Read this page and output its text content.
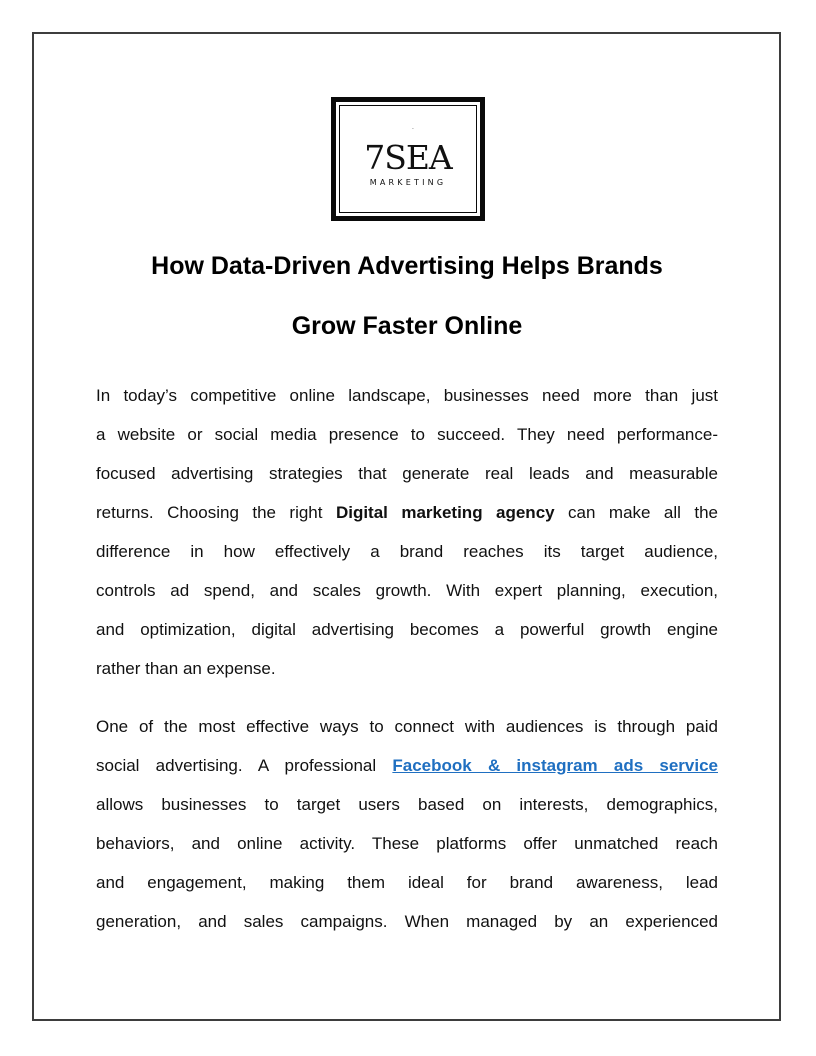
·
7SEA
MARKETING
How Data-Driven Advertising Helps Brands
Grow Faster Online
In today’s competitive online landscape, businesses need more than just
a website or social media presence to succeed. They need performance-
focused advertising strategies that generate real leads and measurable
returns. Choosing the right Digital marketing agency can make all the
difference in how effectively a brand reaches its target audience,
controls ad spend, and scales growth. With expert planning, execution,
and optimization, digital advertising becomes a powerful growth engine
rather than an expense.
One of the most effective ways to connect with audiences is through paid
social advertising. A professional Facebook & instagram ads service
allows businesses to target users based on interests, demographics,
behaviors, and online activity. These platforms offer unmatched reach
and engagement, making them ideal for brand awareness, lead
generation, and sales campaigns. When managed by an experienced
